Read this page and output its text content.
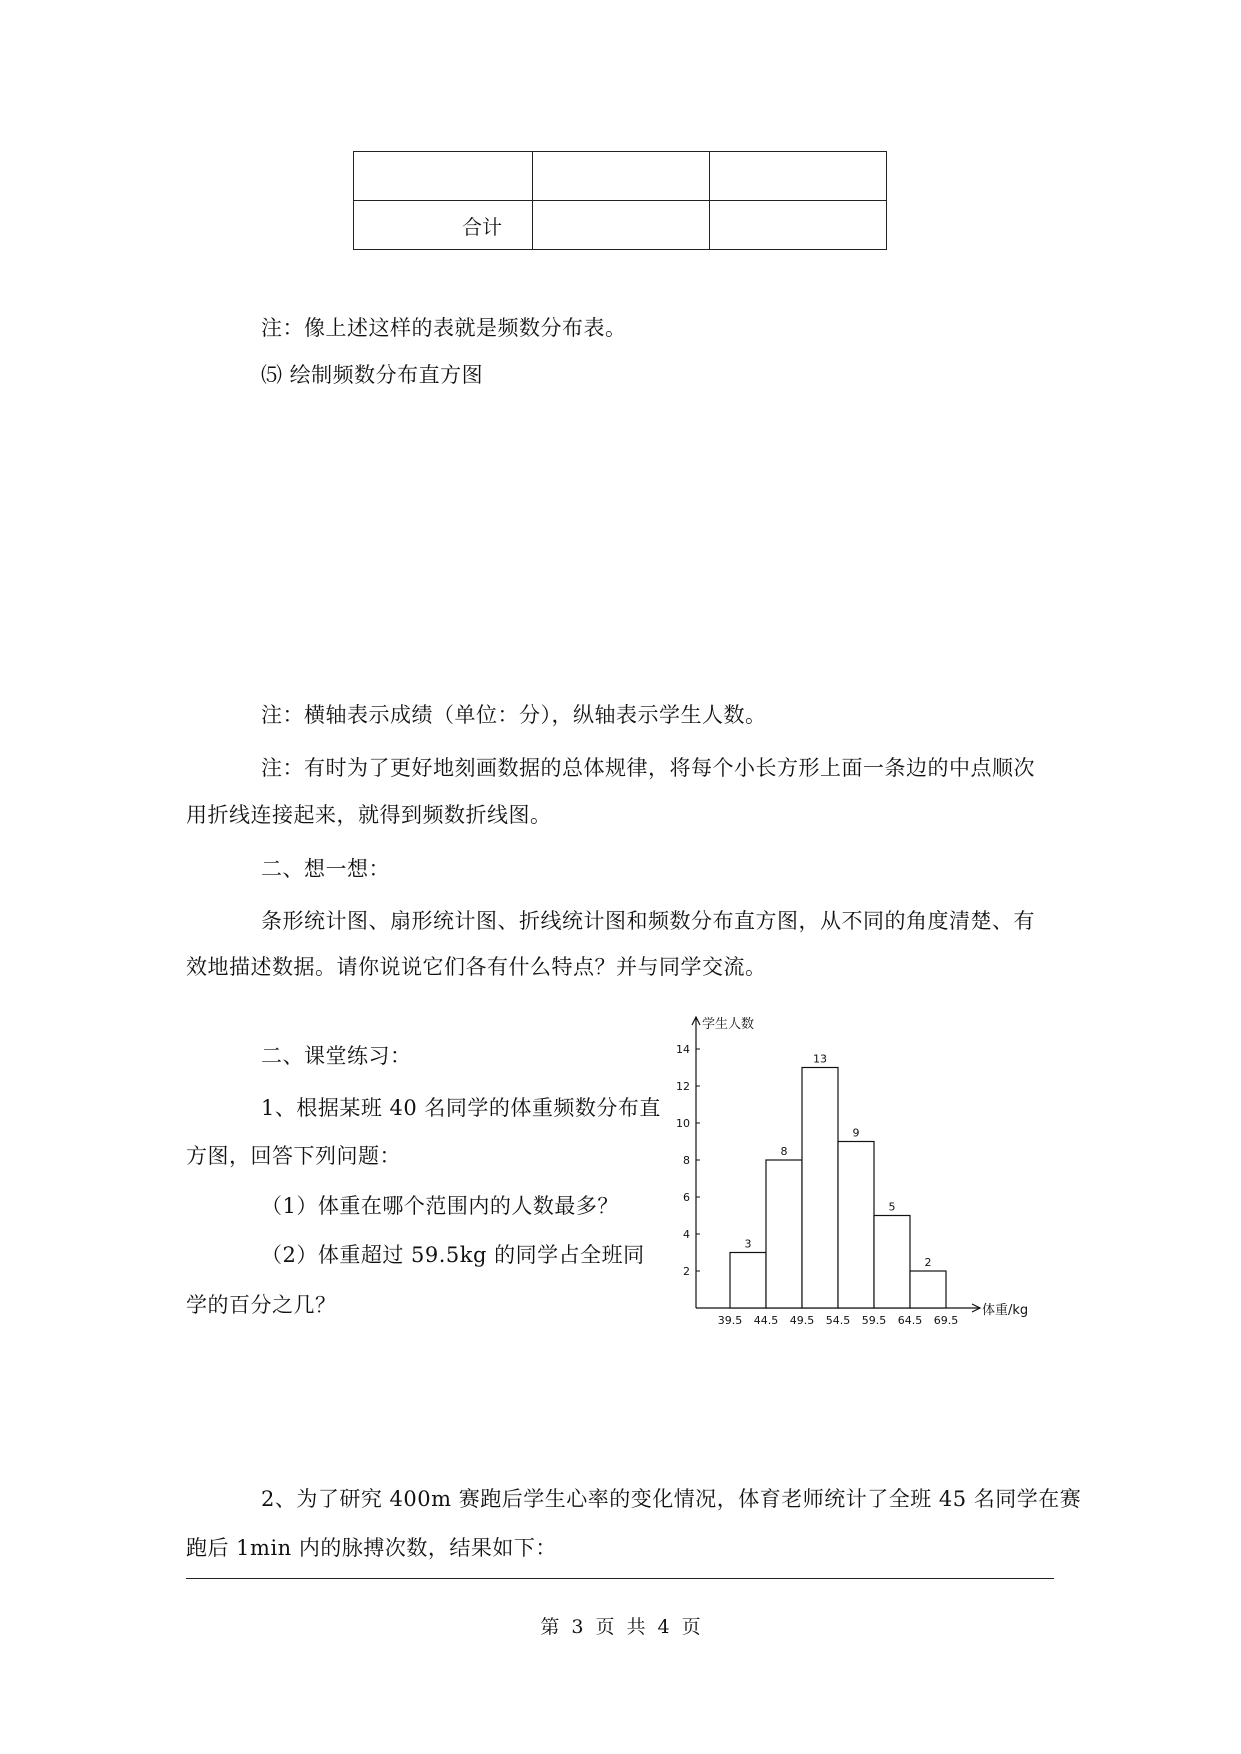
合计		
注：像上述这样的表就是频数分布表。
⑸ 绘制频数分布直方图
注：横轴表示成绩（单位：分），纵轴表示学生人数。
注：有时为了更好地刻画数据的总体规律，将每个小长方形上面一条边的中点顺次
用折线连接起来，就得到频数折线图。
二、想一想：
条形统计图、扇形统计图、折线统计图和频数分布直方图，从不同的角度清楚、有
效地描述数据。请你说说它们各有什么特点？并与同学交流。
二、课堂练习：
1、根据某班 40 名同学的体重频数分布直
方图，回答下列问题：
（1）体重在哪个范围内的人数最多？
（2）体重超过 59.5kg 的同学占全班同
学的百分之几？
2、为了研究 400m 赛跑后学生心率的变化情况，体育老师统计了全班 45 名同学在赛
跑后 1min 内的脉搏次数，结果如下：
2
4
6
8
10
12
14
39.5 44.5 49.5 54.5 59.5 64.5 69.5
3
8
13
9
5
2
学生人数
体重/kg
第 3 页 共 4 页
